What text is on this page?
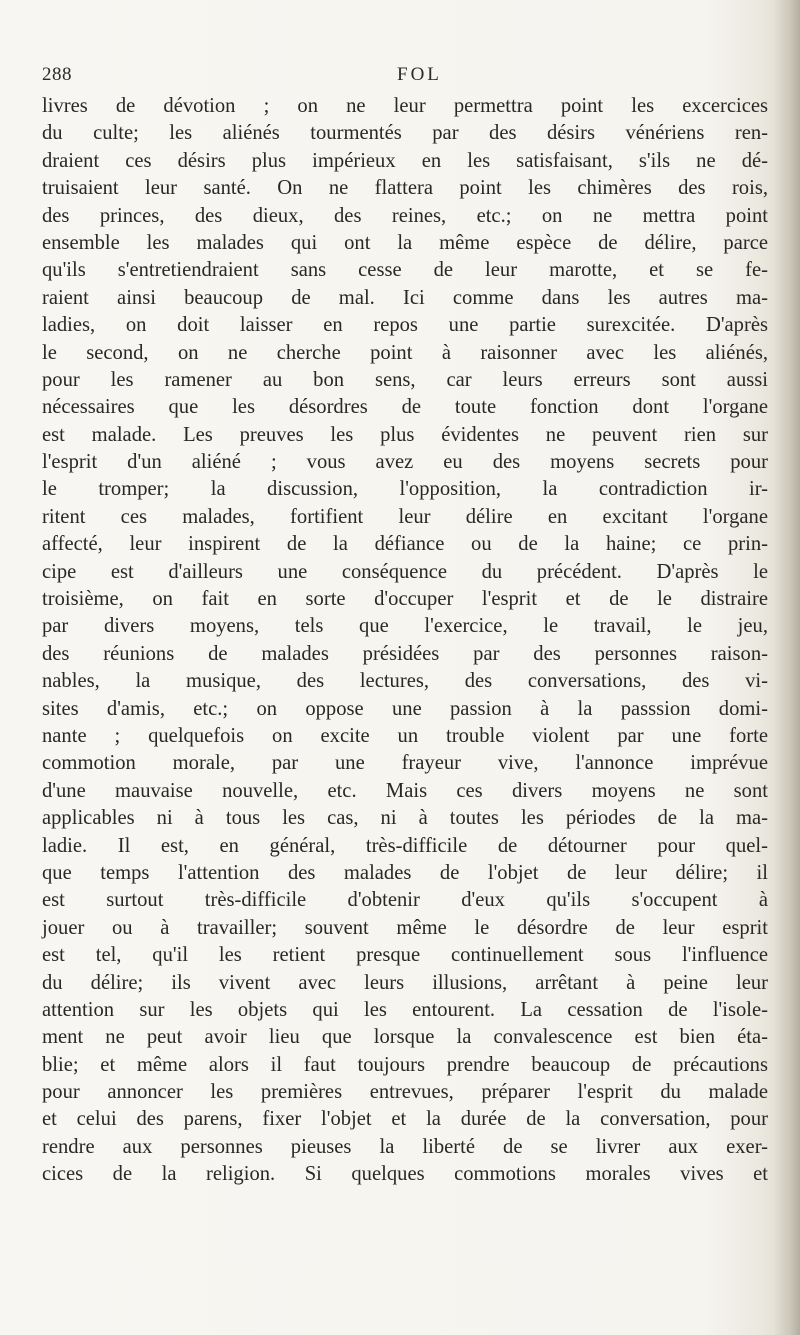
288	FOL
livres de dévotion ; on ne leur permettra point les excercices
du culte; les aliénés tourmentés par des désirs vénériens ren-
draient ces désirs plus impérieux en les satisfaisant, s'ils ne dé-
truisaient leur santé. On ne flattera point les chimères des rois,
des princes, des dieux, des reines, etc.; on ne mettra point
ensemble les malades qui ont la même espèce de délire, parce
qu'ils s'entretiendraient sans cesse de leur marotte, et se fe-
raient ainsi beaucoup de mal. Ici comme dans les autres ma-
ladies, on doit laisser en repos une partie surexcitée. D'après
le second, on ne cherche point à raisonner avec les aliénés,
pour les ramener au bon sens, car leurs erreurs sont aussi
nécessaires que les désordres de toute fonction dont l'organe
est malade. Les preuves les plus évidentes ne peuvent rien sur
l'esprit d'un aliéné ; vous avez eu des moyens secrets pour
le tromper; la discussion, l'opposition, la contradiction ir-
ritent ces malades, fortifient leur délire en excitant l'organe
affecté, leur inspirent de la défiance ou de la haine; ce prin-
cipe est d'ailleurs une conséquence du précédent. D'après le
troisième, on fait en sorte d'occuper l'esprit et de le distraire
par divers moyens, tels que l'exercice, le travail, le jeu,
des réunions de malades présidées par des personnes raison-
nables, la musique, des lectures, des conversations, des vi-
sites d'amis, etc.; on oppose une passion à la passsion domi-
nante ; quelquefois on excite un trouble violent par une forte
commotion morale, par une frayeur vive, l'annonce imprévue
d'une mauvaise nouvelle, etc. Mais ces divers moyens ne sont
applicables ni à tous les cas, ni à toutes les périodes de la ma-
ladie. Il est, en général, très-difficile de détourner pour quel-
que temps l'attention des malades de l'objet de leur délire; il
est surtout très-difficile d'obtenir d'eux qu'ils s'occupent à
jouer ou à travailler; souvent même le désordre de leur esprit
est tel, qu'il les retient presque continuellement sous l'influence
du délire; ils vivent avec leurs illusions, arrêtant à peine leur
attention sur les objets qui les entourent. La cessation de l'isole-
ment ne peut avoir lieu que lorsque la convalescence est bien éta-
blie; et même alors il faut toujours prendre beaucoup de précautions
pour annoncer les premières entrevues, préparer l'esprit du malade
et celui des parens, fixer l'objet et la durée de la conversation, pour
rendre aux personnes pieuses la liberté de se livrer aux exer-
cices de la religion. Si quelques commotions morales vives et
